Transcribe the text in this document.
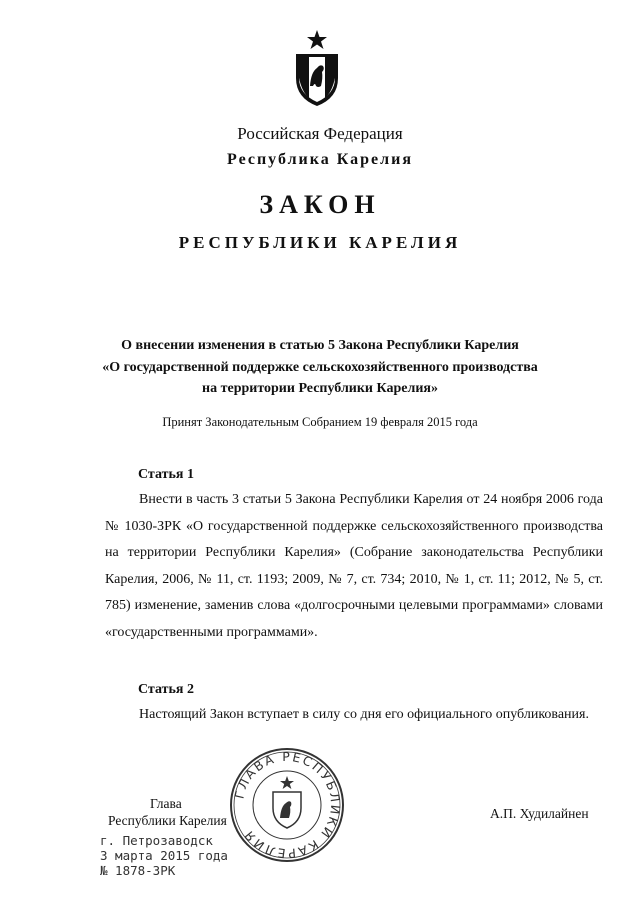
Российская Федерация
Республика Карелия
ЗАКОН
РЕСПУБЛИКИ КАРЕЛИЯ
О внесении изменения в статью 5 Закона Республики Карелия
«О государственной поддержке сельскохозяйственного производства
на территории Республики Карелия»
Принят Законодательным Собранием 19 февраля 2015 года
Статья 1
Внести в часть 3 статьи 5 Закона Республики Карелия от 24 ноября 2006 года № 1030-ЗРК «О государственной поддержке сельскохозяйственного производства на территории Республики Карелия» (Собрание законодательства Республики Карелия, 2006, № 11, ст. 1193; 2009, № 7, ст. 734; 2010, № 1, ст. 11; 2012, № 5, ст. 785) изменение, заменив слова «долгосрочными целевыми программами» словами «государственными программами».
Статья 2
Настоящий Закон вступает в силу со дня его официального опубликования.
Глава
Республики Карелия	А.П. Худилайнен
г. Петрозаводск
3 марта 2015 года
№ 1878-ЗРК
ГЛАВА РЕСПУБЛИКИ КАРЕЛИЯ
